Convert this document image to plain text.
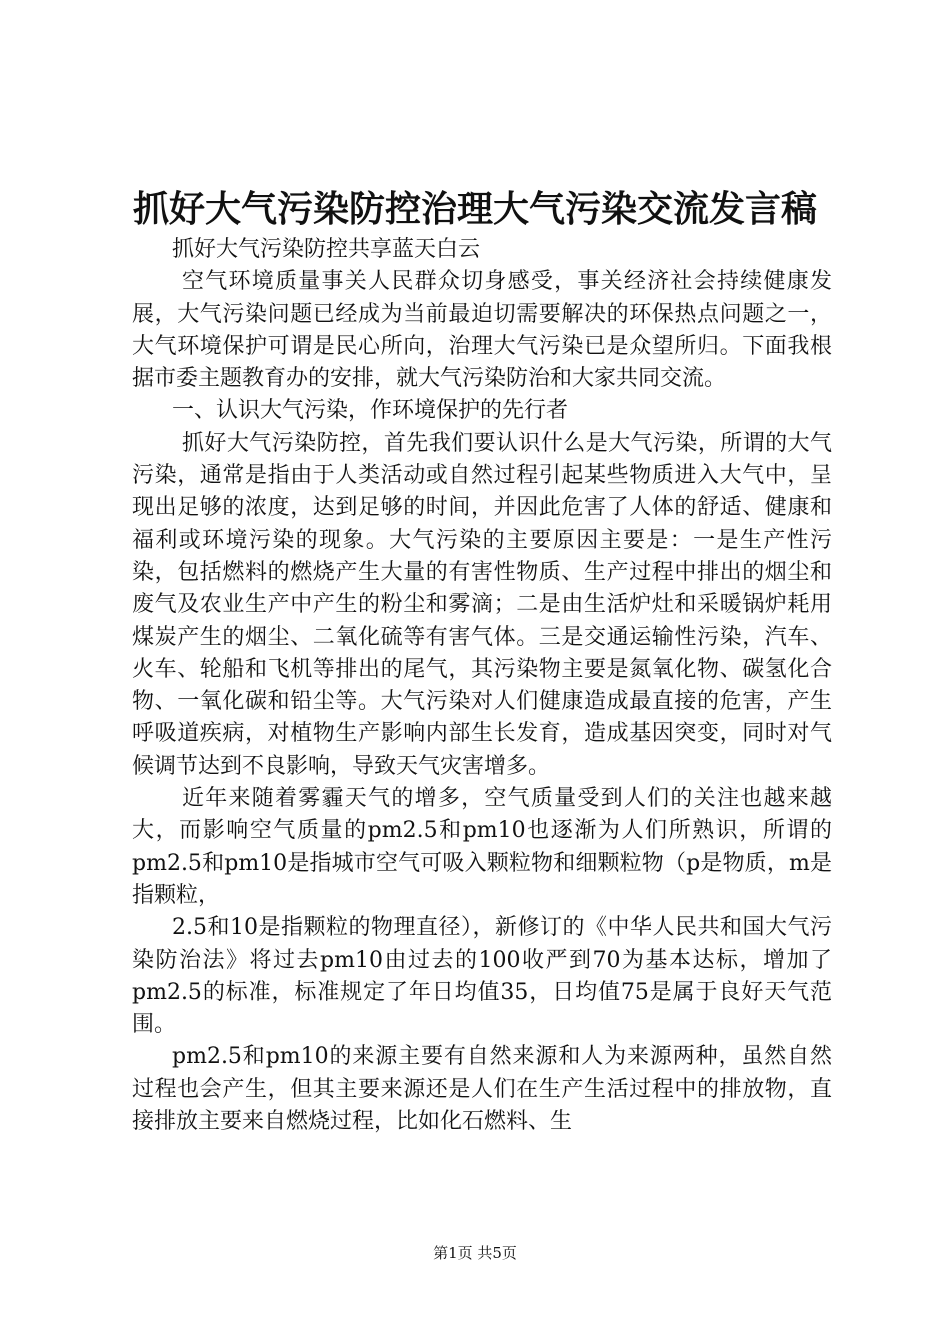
抓好大气污染防控治理大气污染交流发言稿

抓好大气污染防控共享蓝天白云

空气环境质量事关人民群众切身感受，事关经济社会持续健康发展，大气污染问题已经成为当前最迫切需要解决的环保热点问题之一，大气环境保护可谓是民心所向，治理大气污染已是众望所归。下面我根据市委主题教育办的安排，就大气污染防治和大家共同交流。

一、认识大气污染，作环境保护的先行者

抓好大气污染防控，首先我们要认识什么是大气污染，所谓的大气污染，通常是指由于人类活动或自然过程引起某些物质进入大气中，呈现出足够的浓度，达到足够的时间，并因此危害了人体的舒适、健康和福利或环境污染的现象。大气污染的主要原因主要是：一是生产性污染，包括燃料的燃烧产生大量的有害性物质、生产过程中排出的烟尘和废气及农业生产中产生的粉尘和雾滴；二是由生活炉灶和采暖锅炉耗用煤炭产生的烟尘、二氧化硫等有害气体。三是交通运输性污染，汽车、火车、轮船和飞机等排出的尾气，其污染物主要是氮氧化物、碳氢化合物、一氧化碳和铅尘等。大气污染对人们健康造成最直接的危害，产生呼吸道疾病，对植物生产影响内部生长发育，造成基因突变，同时对气候调节达到不良影响，导致天气灾害增多。

近年来随着雾霾天气的增多，空气质量受到人们的关注也越来越大，而影响空气质量的pm2.5和pm10也逐渐为人们所熟识，所谓的pm2.5和pm10是指城市空气可吸入颗粒物和细颗粒物（p是物质，m是指颗粒，

2.5和10是指颗粒的物理直径），新修订的《中华人民共和国大气污染防治法》将过去pm10由过去的100收严到70为基本达标，增加了pm2.5的标准，标准规定了年日均值35，日均值75是属于良好天气范围。

pm2.5和pm10的来源主要有自然来源和人为来源两种，虽然自然过程也会产生，但其主要来源还是人们在生产生活过程中的排放物，直接排放主要来自燃烧过程，比如化石燃料、生

第1页 共5页
